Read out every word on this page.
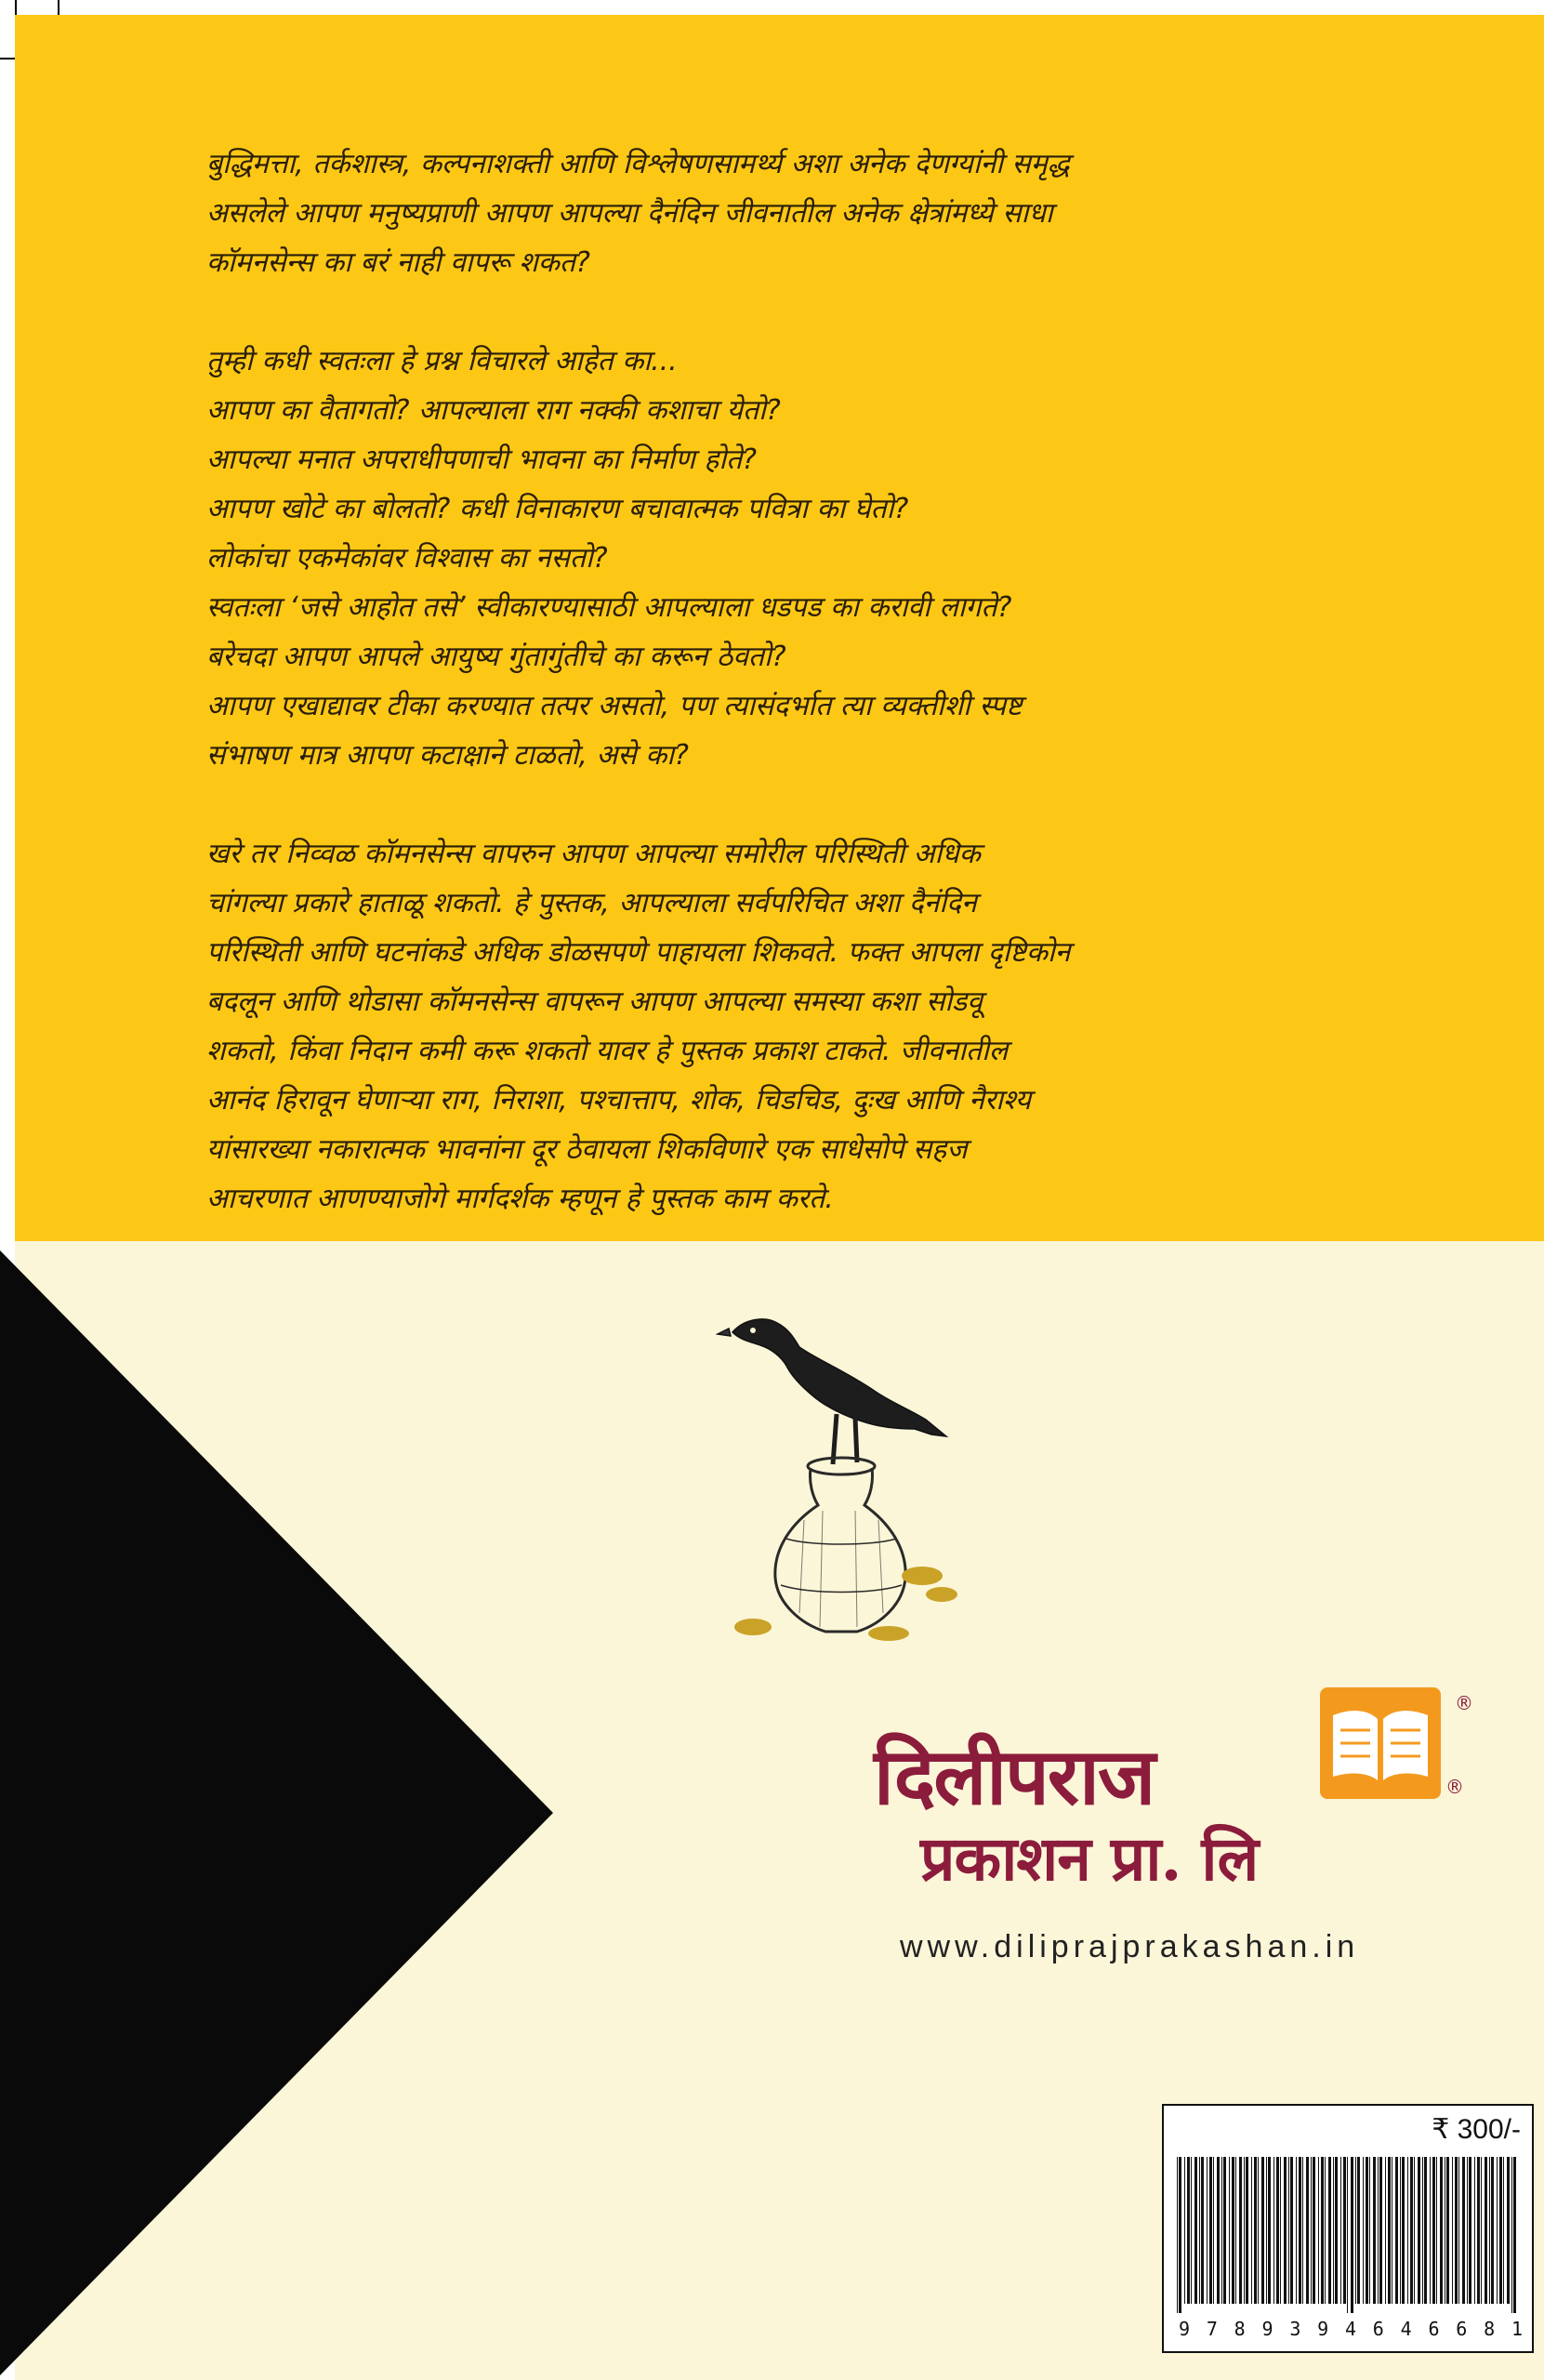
बुद्धिमत्ता, तर्कशास्त्र, कल्पनाशक्ती आणि विश्लेषणसामर्थ्य अशा अनेक देणग्यांनी समृद्ध
असलेले आपण मनुष्यप्राणी आपण आपल्या दैनंदिन जीवनातील अनेक क्षेत्रांमध्ये साधा
कॉमनसेन्स का बरं नाही वापरू शकत?

तुम्ही कधी स्वतःला हे प्रश्न विचारले आहेत का...
आपण का वैतागतो? आपल्याला राग नक्की कशाचा येतो?
आपल्या मनात अपराधीपणाची भावना का निर्माण होते?
आपण खोटे का बोलतो? कधी विनाकारण बचावात्मक पवित्रा का घेतो?
लोकांचा एकमेकांवर विश्वास का नसतो?
स्वतःला ‘जसे आहोत तसे’ स्वीकारण्यासाठी आपल्याला धडपड का करावी लागते?
बरेचदा आपण आपले आयुष्य गुंतागुंतीचे का करून ठेवतो?
आपण एखाद्यावर टीका करण्यात तत्पर असतो, पण त्यासंदर्भात त्या व्यक्तीशी स्पष्ट
संभाषण मात्र आपण कटाक्षाने टाळतो, असे का?

खरे तर निव्वळ कॉमनसेन्स वापरुन आपण आपल्या समोरील परिस्थिती अधिक
चांगल्या प्रकारे हाताळू शकतो. हे पुस्तक, आपल्याला सर्वपरिचित अशा दैनंदिन
परिस्थिती आणि घटनांकडे अधिक डोळसपणे पाहायला शिकवते. फक्त आपला दृष्टिकोन
बदलून आणि थोडासा कॉमनसेन्स वापरून आपण आपल्या समस्या कशा सोडवू
शकतो, किंवा निदान कमी करू शकतो यावर हे पुस्तक प्रकाश टाकते. जीवनातील
आनंद हिरावून घेणाऱ्या राग, निराशा, पश्चात्ताप, शोक, चिडचिड, दुःख आणि नैराश्य
यांसारख्या नकारात्मक भावनांना दूर ठेवायला शिकविणारे एक साधेसोपे सहज
आचरणात आणण्याजोगे मार्गदर्शक म्हणून हे पुस्तक काम करते.

®
दिलीपराज
प्रकाशन प्रा. लि
®
www.diliprajprakashan.in
₹ 300/-
9 7 8 9 3 9 4 6 4 6 6 8 1
